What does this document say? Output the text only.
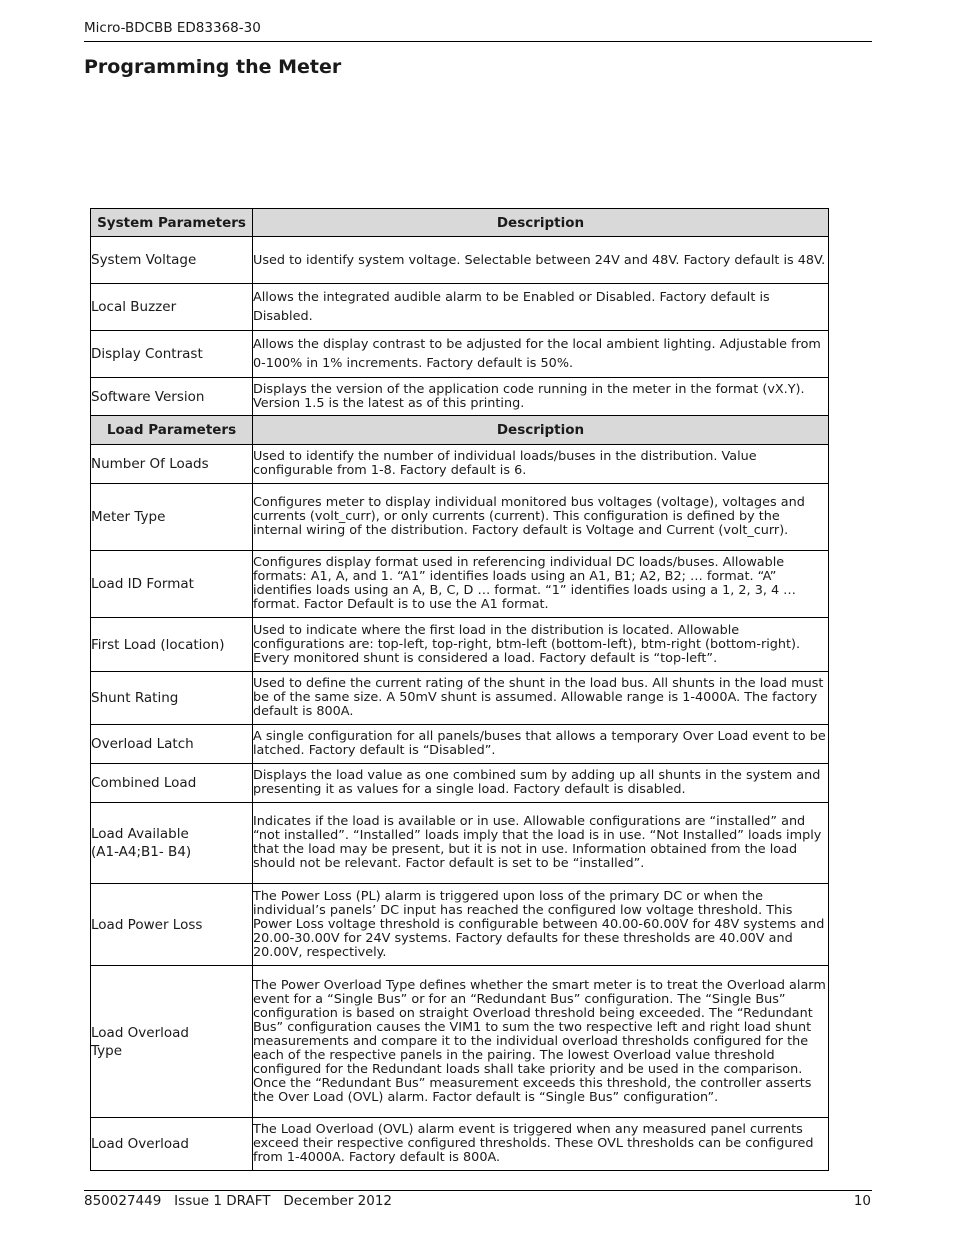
Micro-BDCBB ED83368-30
Programming the Meter
System Parameters	Description
System Voltage	Used to identify system voltage. Selectable between 24V and 48V. Factory default is 48V.
Local Buzzer	Allows the integrated audible alarm to be Enabled or Disabled. Factory default is Disabled.
Display Contrast	Allows the display contrast to be adjusted for the local ambient lighting. Adjustable from 0-100% in 1% increments. Factory default is 50%.
Software Version	Displays the version of the application code running in the meter in the format (vX.Y). Version 1.5 is the latest as of this printing.
Load Parameters	Description
Number Of Loads	Used to identify the number of individual loads/buses in the distribution. Value configurable from 1-8. Factory default is 6.
Meter Type	Configures meter to display individual monitored bus voltages (voltage), voltages and currents (volt_curr), or only currents (current). This configuration is defined by the internal wiring of the distribution. Factory default is Voltage and Current (volt_curr).
Load ID Format	Configures display format used in referencing individual DC loads/buses. Allowable formats: A1, A, and 1. “A1” identifies loads using an A1, B1; A2, B2; … format. “A” identifies loads using an A, B, C, D … format. “1” identifies loads using a 1, 2, 3, 4 … format. Factor Default is to use the A1 format.
First Load (location)	Used to indicate where the first load in the distribution is located. Allowable configurations are: top-left, top-right, btm-left (bottom-left), btm-right (bottom-right). Every monitored shunt is considered a load. Factory default is “top-left”.
Shunt Rating	Used to define the current rating of the shunt in the load bus. All shunts in the load must be of the same size. A 50mV shunt is assumed. Allowable range is 1-4000A. The factory default is 800A.
Overload Latch	A single configuration for all panels/buses that allows a temporary Over Load event to be latched. Factory default is “Disabled”.
Combined Load	Displays the load value as one combined sum by adding up all shunts in the system and presenting it as values for a single load. Factory default is disabled.

Load Available
(A1-A4;B1- B4)	Indicates if the load is available or in use. Allowable configurations are “installed” and “not installed”. “Installed” loads imply that the load is in use. “Not Installed” loads imply that the load may be present, but it is not in use. Information obtained from the load should not be relevant. Factor default is set to be “installed”.
Load Power Loss	The Power Loss (PL) alarm is triggered upon loss of the primary DC or when the individual’s panels’ DC input has reached the configured low voltage threshold. This Power Loss voltage threshold is configurable between 40.00-60.00V for 48V systems and 20.00-30.00V for 24V systems. Factory defaults for these thresholds are 40.00V and 20.00V, respectively.

Load Overload
Type	The Power Overload Type defines whether the smart meter is to treat the Overload alarm event for a “Single Bus” or for an “Redundant Bus” configuration. The “Single Bus” configuration is based on straight Overload threshold being exceeded. The “Redundant Bus” configuration causes the VIM1 to sum the two respective left and right load shunt measurements and compare it to the individual overload thresholds configured for the each of the respective panels in the pairing. The lowest Overload value threshold configured for the Redundant loads shall take priority and be used in the comparison. Once the “Redundant Bus” measurement exceeds this threshold, the controller asserts the Over Load (OVL) alarm. Factor default is “Single Bus” configuration”.
Load Overload	The Load Overload (OVL) alarm event is triggered when any measured panel currents exceed their respective configured thresholds. These OVL thresholds can be configured from 1-4000A. Factory default is 800A.
850027449   Issue 1 DRAFT   December 2012	10
